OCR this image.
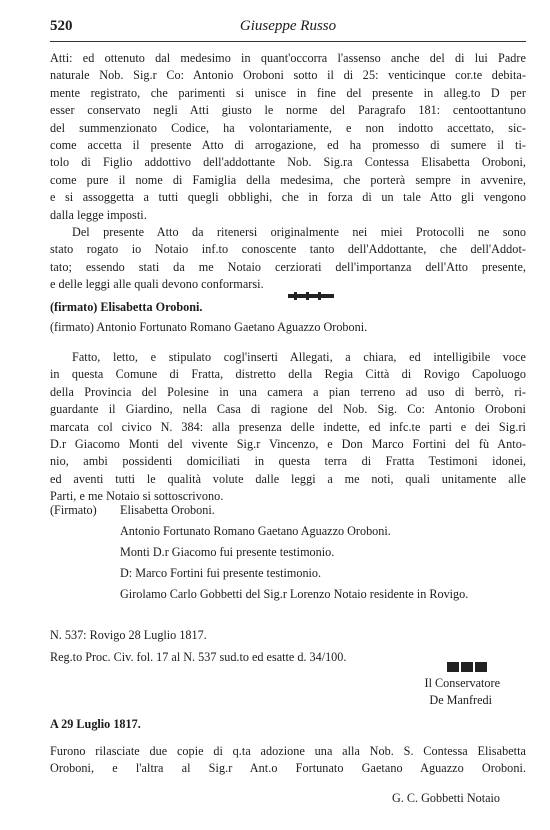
520	Giuseppe Russo

Atti: ed ottenuto dal medesimo in quant'occorra l'assenso anche del di lui Padre

naturale Nob. Sig.r Co: Antonio Oroboni sotto il di 25: venticinque cor.te debita-

mente registrato, che parimenti si unisce in fine del presente in alleg.to D per

esser conservato negli Atti giusto le norme del Paragrafo 181: centoottantuno

del summenzionato Codice, ha volontariamente, e non indotto accettato, sic-

come accetta il presente Atto di arrogazione, ed ha promesso di sumere il ti-

tolo di Figlio addottivo dell'addottante Nob. Sig.ra Contessa Elisabetta Oroboni,

come pure il nome di Famiglia della medesima, che porterà sempre in avvenire,

e si assoggetta a tutti quegli obblighi, che in forza di un tale Atto gli vengono

dalla legge imposti.

Del presente Atto da ritenersi originalmente nei miei Protocolli ne sono

stato rogato io Notaio inf.to conoscente tanto dell'Addottante, che dell'Addot-

tato; essendo stati da me Notaio cerziorati dell'importanza dell'Atto presente,

e delle leggi alle quali devono conformarsi.

(firmato) Elisabetta Oroboni.
(firmato) Antonio Fortunato Romano Gaetano Aguazzo Oroboni.

Fatto, letto, e stipulato cogl'inserti Allegati, a chiara, ed intelligibile voce

in questa Comune di Fratta, distretto della Regia Città di Rovigo Capoluogo

della Provincia del Polesine in una camera a pian terreno ad uso di berrò, ri-

guardante il Giardino, nella Casa di ragione del Nob. Sig. Co: Antonio Oroboni

marcata col civico N. 384: alla presenza delle indette, ed infc.te parti e dei Sig.ri

D.r Giacomo Monti del vivente Sig.r Vincenzo, e Don Marco Fortini del fù Anto-

nio, ambi possidenti domiciliati in questa terra di Fratta Testimoni idonei,

ed aventi tutti le qualità volute dalle leggi a me noti, quali unitamente alle

Parti, e me Notaio si sottoscrivono.

(Firmato) Elisabetta Oroboni.
Antonio Fortunato Romano Gaetano Aguazzo Oroboni.
Monti D.r Giacomo fui presente testimonio.
D: Marco Fortini fui presente testimonio.
Girolamo Carlo Gobbetti del Sig.r Lorenzo Notaio residente in Rovigo.
N. 537: Rovigo 28 Luglio 1817.
Reg.to Proc. Civ. fol. 17 al N. 537 sud.to ed esatte d. 34/100.
Il Conservatore
De Manfredi
A 29 Luglio 1817.
Furono rilasciate due copie di q.ta adozione una alla Nob. S. Contessa Elisabetta
Oroboni, e l'altra al Sig.r Ant.o Fortunato Gaetano Aguazzo Oroboni.
G. C. Gobbetti Notaio
